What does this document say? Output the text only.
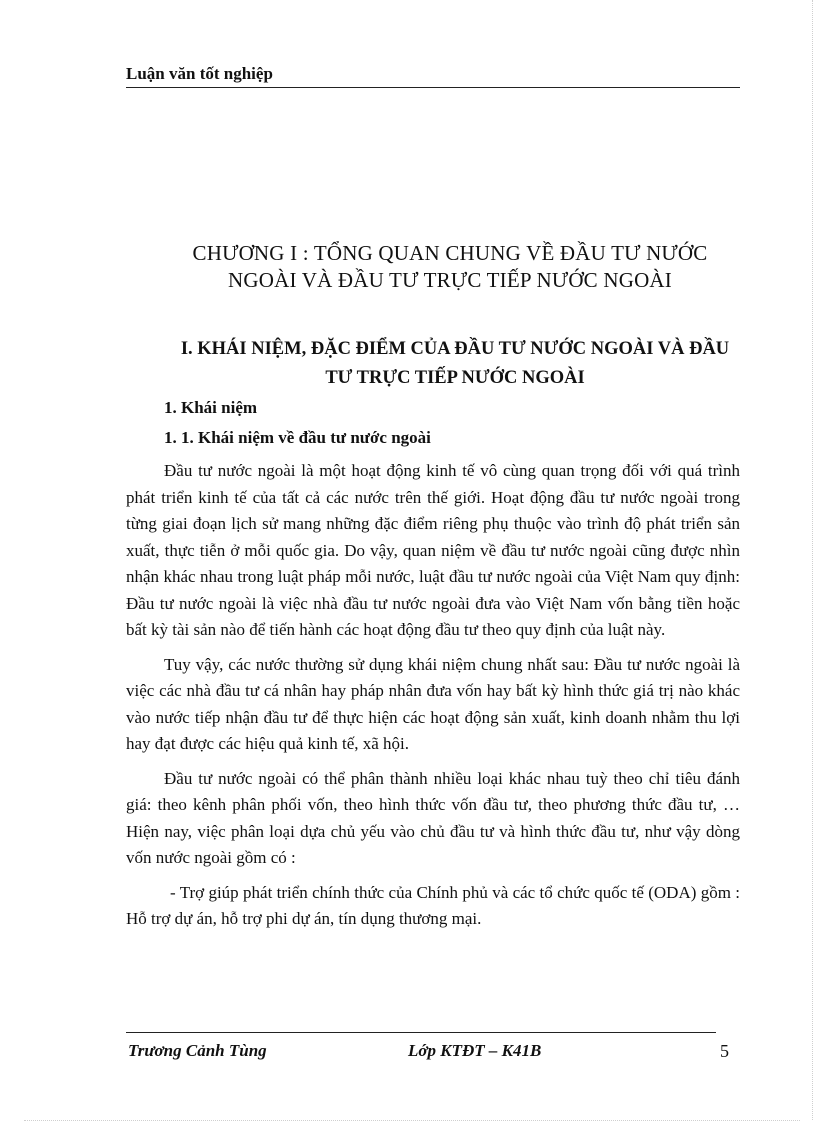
Luận văn tốt nghiệp
CHƯƠNG I : TỔNG QUAN CHUNG VỀ ĐẦU TƯ NƯỚC
NGOÀI VÀ ĐẦU TƯ TRỰC TIẾP NƯỚC NGOÀI
I. KHÁI NIỆM, ĐẶC ĐIỂM CỦA ĐẦU TƯ NƯỚC NGOÀI VÀ ĐẦU
TƯ TRỰC TIẾP NƯỚC NGOÀI
1. Khái niệm
1. 1. Khái niệm về đầu tư nước ngoài

Đầu tư nước ngoài là một hoạt động kinh tế vô cùng quan trọng đối với quá trình phát triển kinh tế của tất cả các nước trên thế giới. Hoạt động đầu tư nước ngoài trong từng giai đoạn lịch sử mang những đặc điểm riêng phụ thuộc vào trình độ phát triển sản xuất, thực tiễn ở mỗi quốc gia. Do vậy, quan niệm về đầu tư nước ngoài cũng được nhìn nhận khác nhau trong luật pháp mỗi nước, luật đầu tư nước ngoài của Việt Nam quy định: Đầu tư nước ngoài là việc nhà đầu tư nước ngoài đưa vào Việt Nam vốn bằng tiền hoặc bất kỳ tài sản nào để tiến hành các hoạt động đầu tư theo quy định của luật này.

Tuy vậy, các nước thường sử dụng khái niệm chung nhất sau: Đầu tư nước ngoài là việc các nhà đầu tư cá nhân hay pháp nhân đưa vốn hay bất kỳ hình thức giá trị nào khác vào nước tiếp nhận đầu tư để thực hiện các hoạt động sản xuất, kinh doanh nhằm thu lợi hay đạt được các hiệu quả kinh tế, xã hội.

Đầu tư nước ngoài có thể phân thành nhiều loại khác nhau tuỳ theo chỉ tiêu đánh giá: theo kênh phân phối vốn, theo hình thức vốn đầu tư, theo phương thức đầu tư, …Hiện nay, việc phân loại dựa chủ yếu vào chủ đầu tư và hình thức đầu tư, như vậy dòng vốn nước ngoài gồm có :

- Trợ giúp phát triển chính thức của Chính phủ và các tổ chức quốc tế (ODA) gồm : Hỗ trợ dự án, hỗ trợ phi dự án, tín dụng thương mại.

Trương Cảnh Tùng	Lớp KTĐT – K41B	5
